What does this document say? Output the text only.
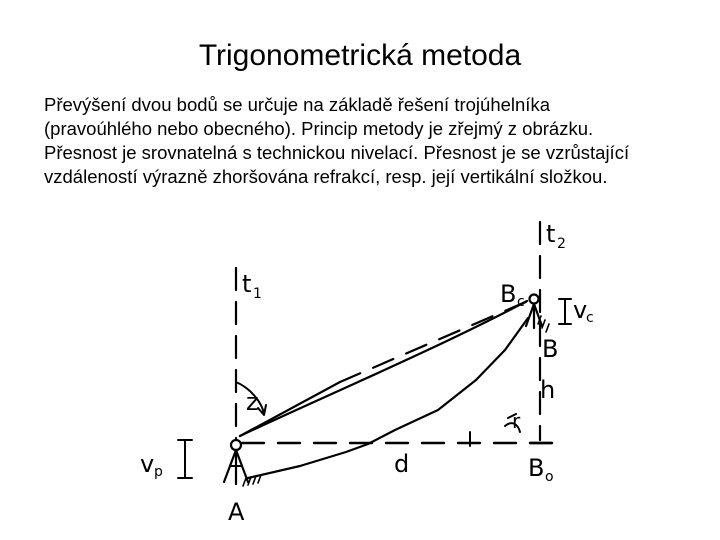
Trigonometrická metoda
Převýšení dvou bodů se určuje na základě řešení trojúhelníka
(pravoúhlého nebo obecného). Princip metody je zřejmý z obrázku.
Přesnost je srovnatelná s technickou nivelací. Přesnost je se vzrůstající
vzdáleností výrazně zhoršována refrakcí, resp. její vertikální složkou.
t 1
t 2
B c v
c
B
h
z
v p	d	B o
A
r
